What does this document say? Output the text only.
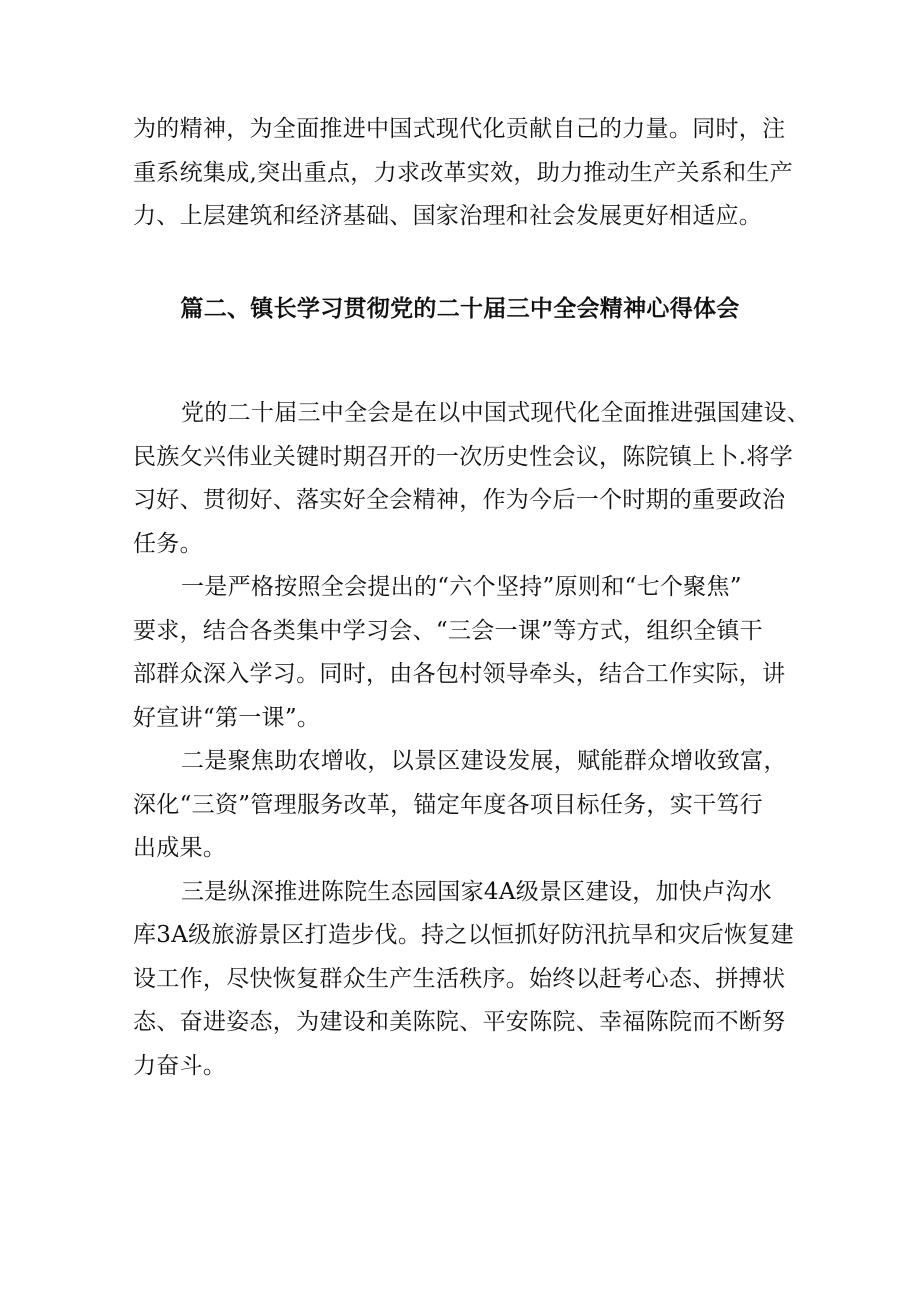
为的精神，为全面推进中国式现代化贡献自己的力量。同时，注
重系统集成,突出重点，力求改革实效，助力推动生产关系和生产
力、上层建筑和经济基础、国家治理和社会发展更好相适应。
篇二、镇长学习贯彻党的二十届三中全会精神心得体会
党的二十届三中全会是在以中国式现代化全面推进强国建设、
民族攵兴伟业关键时期召开的一次历史性会议，陈院镇上卜.将学
习好、贯彻好、落实好全会精神，作为今后一个时期的重要政治
任务。
一是严格按照全会提出的“六个坚持”原则和“七个聚焦”
要求，结合各类集中学习会、“三会一课”等方式，组织全镇干
部群众深入学习。同时，由各包村领导牵头，结合工作实际，讲
好宣讲“第一课”。
二是聚焦助农增收，以景区建设发展，赋能群众增收致富，
深化“三资”管理服务改革，锚定年度各项目标任务，实干笃行
出成果。
三是纵深推进陈院生态园国家4A级景区建设，加快卢沟水
库3A级旅游景区打造步伐。持之以恒抓好防汛抗旱和灾后恢复建
设工作，尽快恢复群众生产生活秩序。始终以赶考心态、拼搏状
态、奋进姿态，为建设和美陈院、平安陈院、幸福陈院而不断努
力奋斗。
